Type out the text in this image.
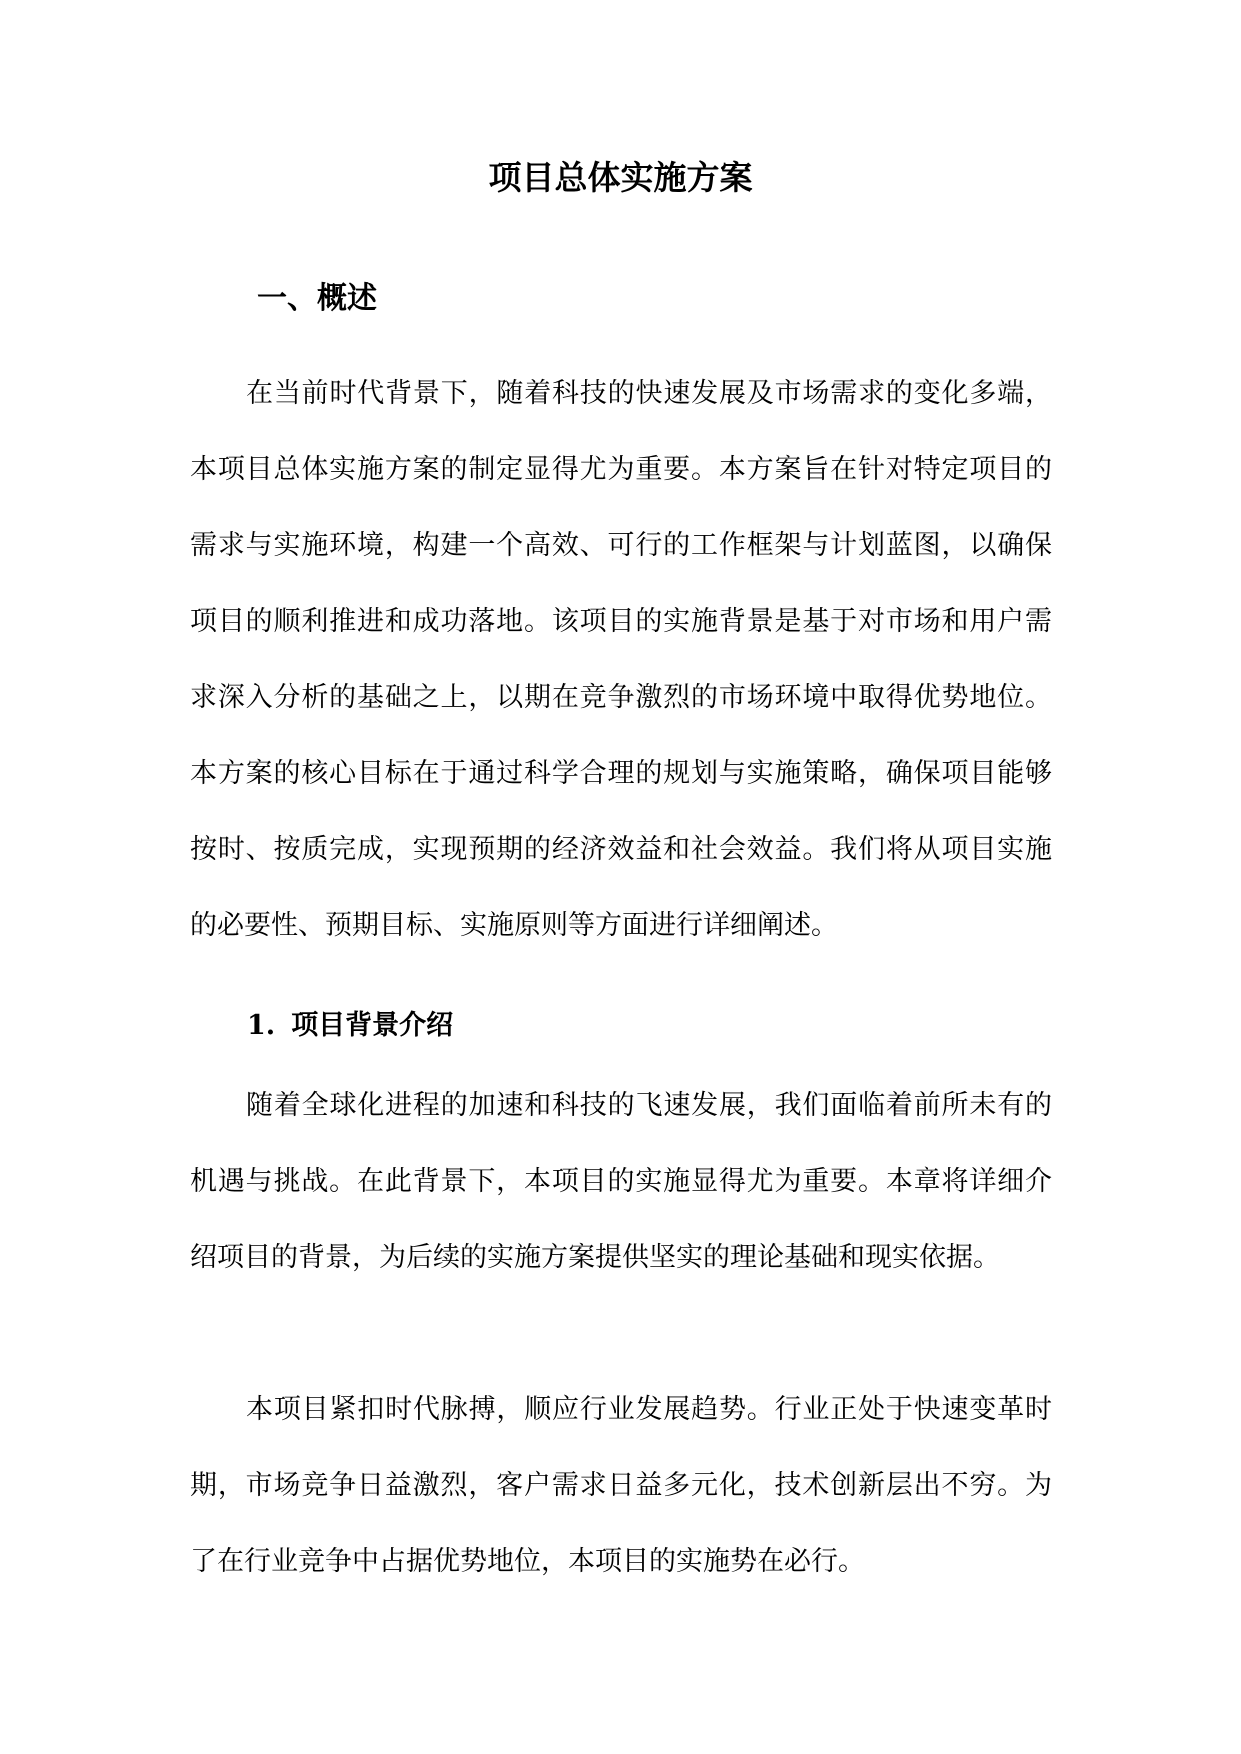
项目总体实施方案
一、概述

在当前时代背景下，随着科技的快速发展及市场需求的变化多端，本项目总体实施方案的制定显得尤为重要。本方案旨在针对特定项目的需求与实施环境，构建一个高效、可行的工作框架与计划蓝图，以确保项目的顺利推进和成功落地。该项目的实施背景是基于对市场和用户需求深入分析的基础之上，以期在竞争激烈的市场环境中取得优势地位。本方案的核心目标在于通过科学合理的规划与实施策略，确保项目能够按时、按质完成，实现预期的经济效益和社会效益。我们将从项目实施的必要性、预期目标、实施原则等方面进行详细阐述。

1. 项目背景介绍

随着全球化进程的加速和科技的飞速发展，我们面临着前所未有的机遇与挑战。在此背景下，本项目的实施显得尤为重要。本章将详细介绍项目的背景，为后续的实施方案提供坚实的理论基础和现实依据。

本项目紧扣时代脉搏，顺应行业发展趋势。行业正处于快速变革时期，市场竞争日益激烈，客户需求日益多元化，技术创新层出不穷。为了在行业竞争中占据优势地位，本项目的实施势在必行。
